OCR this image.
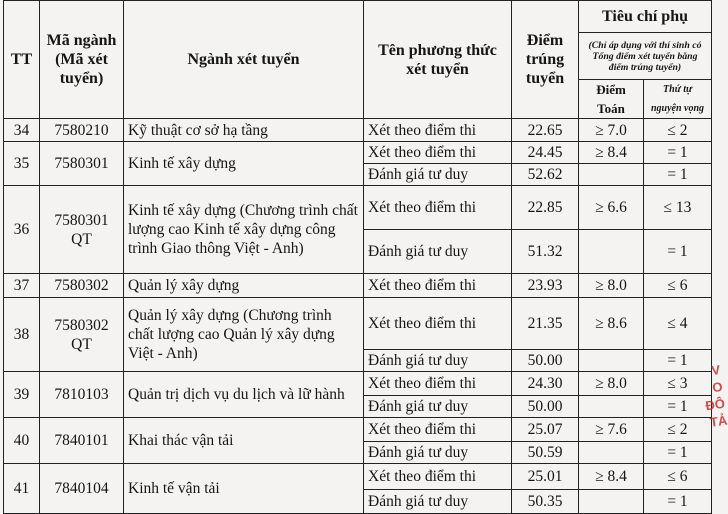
TT	Mã ngành (Mã xét tuyển)	Ngành xét tuyển	Tên phương thức xét tuyển	Điểm trúng tuyển	Tiêu chí phụ	
					(Chỉ áp dụng với thí sinh có Tổng điểm xét tuyển bằng điểm trúng tuyển)	
					Điểm Toán	Thứ tự nguyện vọng
34	7580210	Kỹ thuật cơ sở hạ tầng	Xét theo điểm thi	22.65	≥ 7.0	≤ 2
35	7580301	Kinh tế xây dựng	Xét theo điểm thi	24.45	≥ 8.4	= 1
			Đánh giá tư duy	52.62		= 1
36	7580301 QT	Kinh tế xây dựng (Chương trình chất lượng cao Kinh tế xây dựng công trình Giao thông Việt - Anh)	Xét theo điểm thi	22.85	≥ 6.6	≤ 13
			Đánh giá tư duy	51.32		= 1
37	7580302	Quản lý xây dựng	Xét theo điểm thi	23.93	≥ 8.0	≤ 6
38	7580302 QT	Quản lý xây dựng (Chương trình chất lượng cao Quản lý xây dựng Việt - Anh)	Xét theo điểm thi	21.35	≥ 8.6	≤ 4
			Đánh giá tư duy	50.00		= 1
39	7810103	Quản trị dịch vụ du lịch và lữ hành	Xét theo điểm thi	24.30	≥ 8.0	≤ 3
			Đánh giá tư duy	50.00		= 1
40	7840101	Khai thác vận tải	Xét theo điểm thi	25.07	≥ 7.6	≤ 2
			Đánh giá tư duy	50.59		= 1
41	7840104	Kinh tế vận tải	Xét theo điểm thi	25.01	≥ 8.4	≤ 6
			Đánh giá tư duy	50.35		= 1
V
O
ĐÔ
TẢ
